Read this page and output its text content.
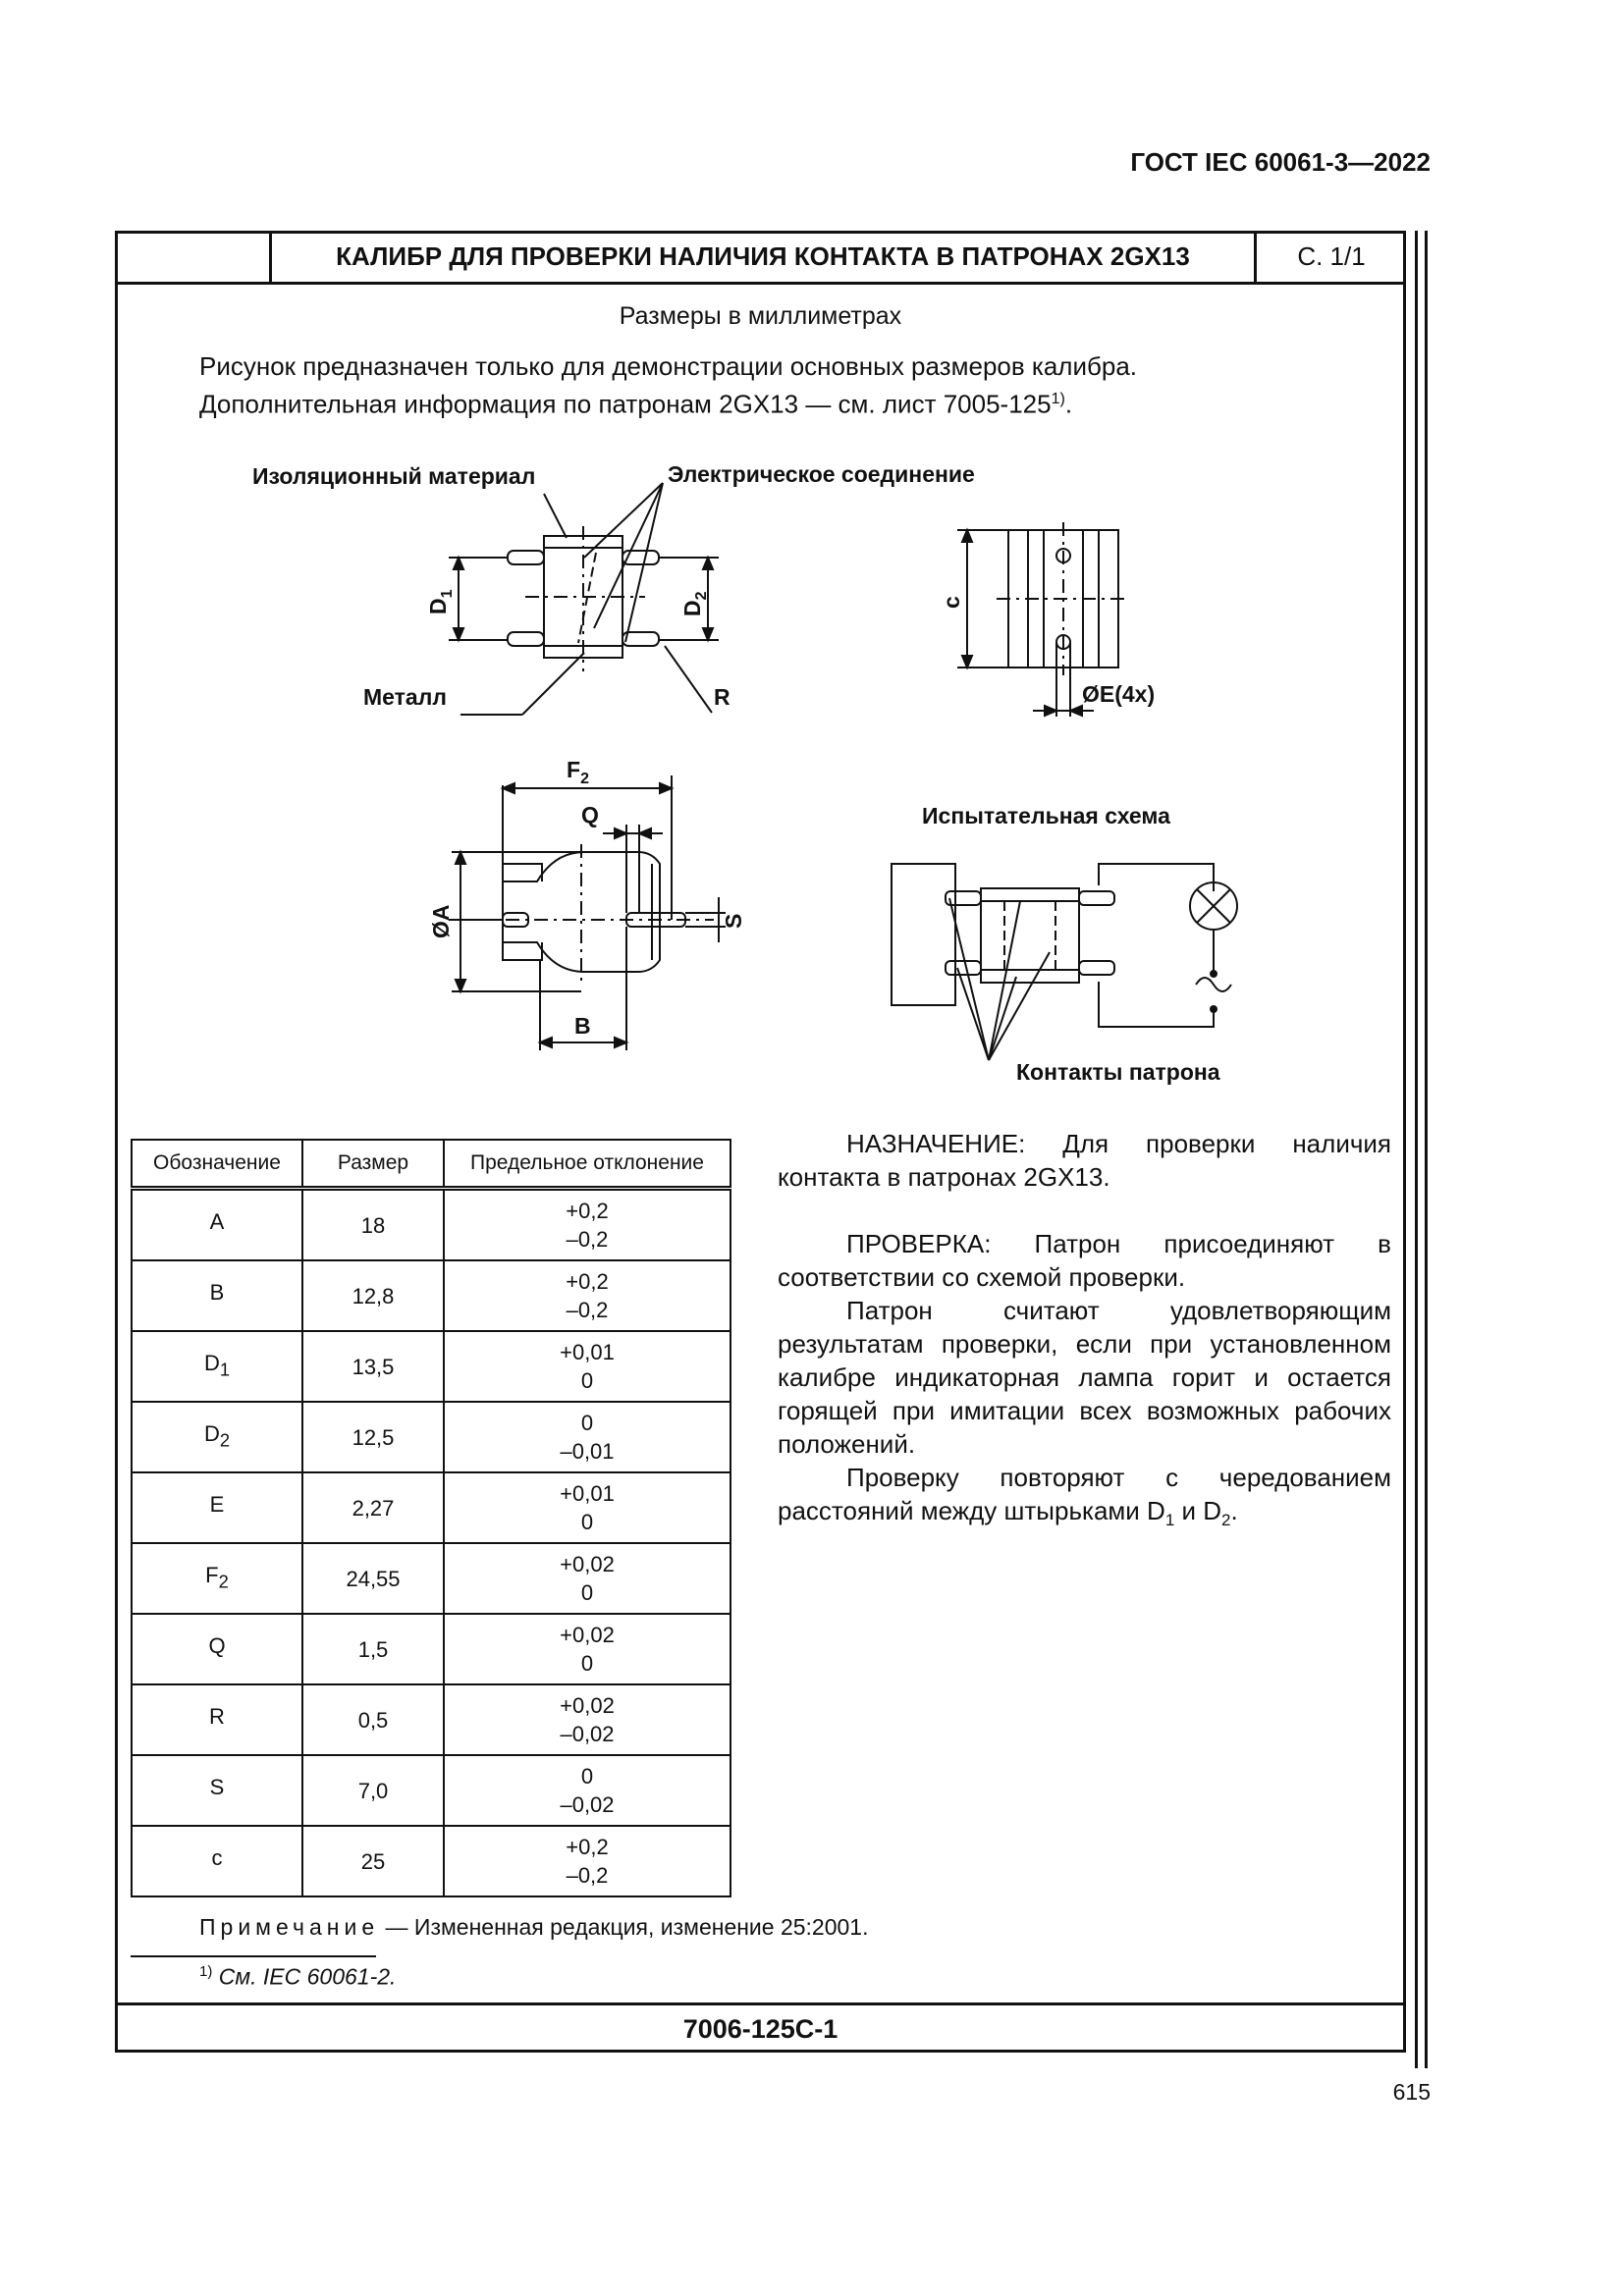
ГОСТ IEC 60061-3—2022
КАЛИБР ДЛЯ ПРОВЕРКИ НАЛИЧИЯ КОНТАКТА В ПАТРОНАХ 2GX13	С. 1/1
Размеры в миллиметрах
Рисунок предназначен только для демонстрации основных размеров калибра.
Дополнительная информация по патронам 2GX13 — см. лист 7005-125$^{1)}$.
Изоляционный материал	Электрическое соединение
Металл	R
$D_1$
$D_2$
c
ØE(4x)
$F_2$
Q
ØA	S
B
Испытательная схема
Контакты патрона
Обозначение	Размер	Предельное отклонение
A	18	+0,2
–0,2

B	12,8	+0,2
–0,2

$D_1$	13,5	+0,01
0

$D_2$	12,5	0
–0,01

E	2,27	+0,01
0

$F_2$	24,55	+0,02
0

Q	1,5	+0,02
0

R	0,5	+0,02
–0,02

S	7,0	0
–0,02

c	25	+0,2
–0,2

НАЗНАЧЕНИЕ: Для проверки наличия контакта в патронах 2GX13.

ПРОВЕРКА: Патрон присоединяют в соответствии со схемой проверки.

Патрон считают удовлетворяющим результатам проверки, если при установленном калибре индикаторная лампа горит и остается горящей при имитации всех возможных рабочих положений.

Проверку повторяют с чередованием расстояний между штырьками $D_1$ и $D_2$.

Примечание — Измененная редакция, изменение 25:2001.
$^{1)}$ См. IEC 60061-2.
7006-125С-1
615
